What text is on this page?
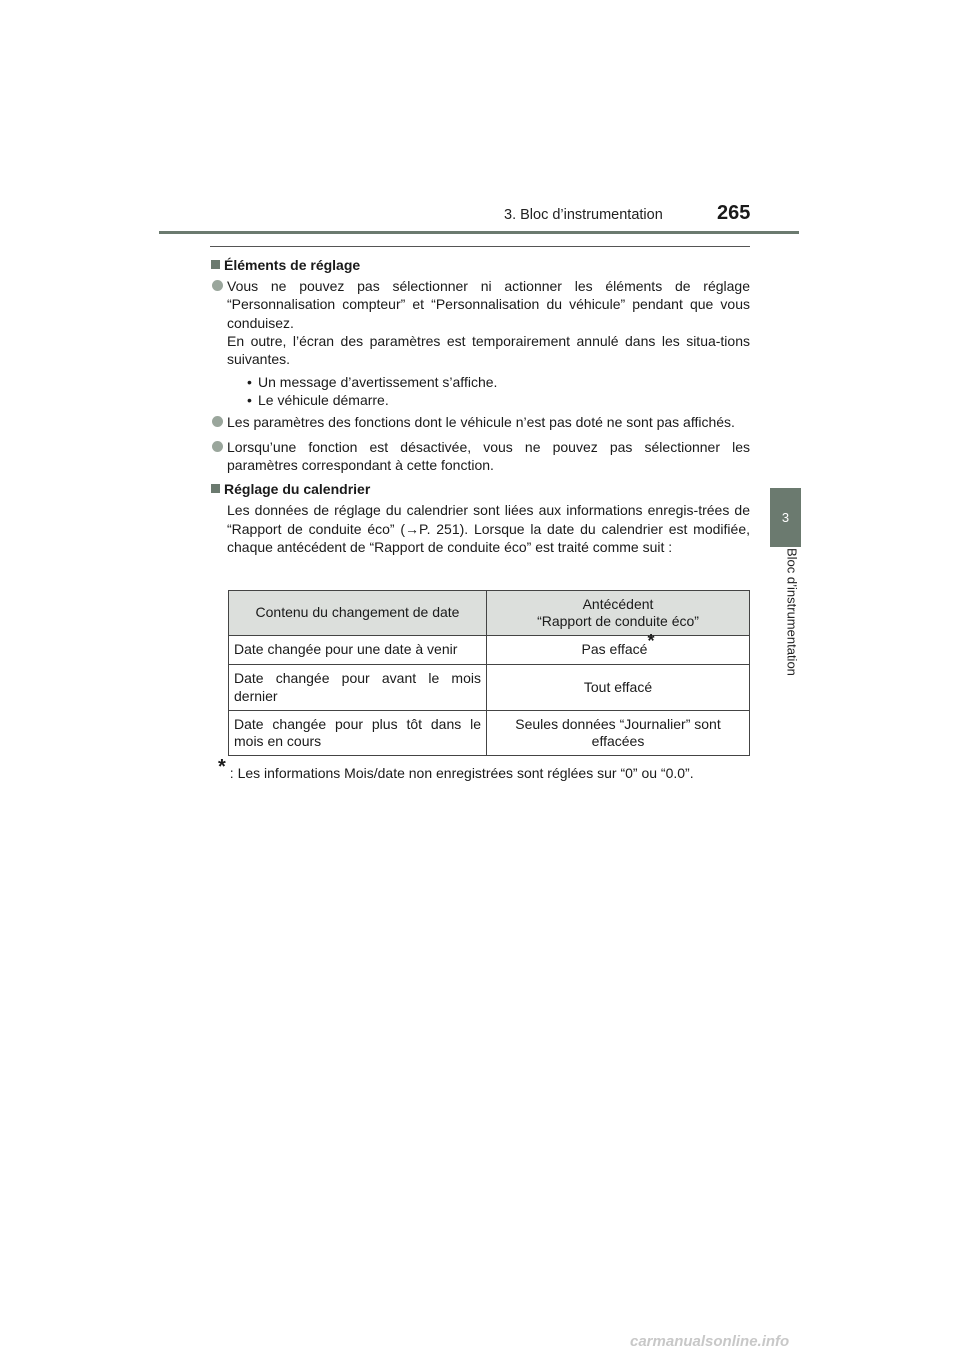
3. Bloc d’instrumentation	265
3
Bloc d’instrumentation
Éléments de réglage

Vous ne pouvez pas sélectionner ni actionner les éléments de réglage “Personnalisation compteur” et “Personnalisation du véhicule” pendant que vous conduisez.

En outre, l’écran des paramètres est temporairement annulé dans les situa-tions suivantes.

• Un message d’avertissement s’affiche.
• Le véhicule démarre.

Les paramètres des fonctions dont le véhicule n’est pas doté ne sont pas affichés.

Lorsqu’une fonction est désactivée, vous ne pouvez pas sélectionner les paramètres correspondant à cette fonction.

Réglage du calendrier
Les données de réglage du calendrier sont liées aux informations enregis-trées de “Rapport de conduite éco” (→P. 251). Lorsque la date du calendrier est modifiée, chaque antécédent de “Rapport de conduite éco” est traité comme suit :
Contenu du changement de date	Antécédent
“Rapport de conduite éco”

Date changée pour une date à venir	Pas effacé*
Date changée pour avant le mois dernier	Tout effacé
Date changée pour plus tôt dans le mois en cours	Seules données “Journalier” sont effacées
* : Les informations Mois/date non enregistrées sont réglées sur “0” ou “0.0”.
carmanualsonline.info
